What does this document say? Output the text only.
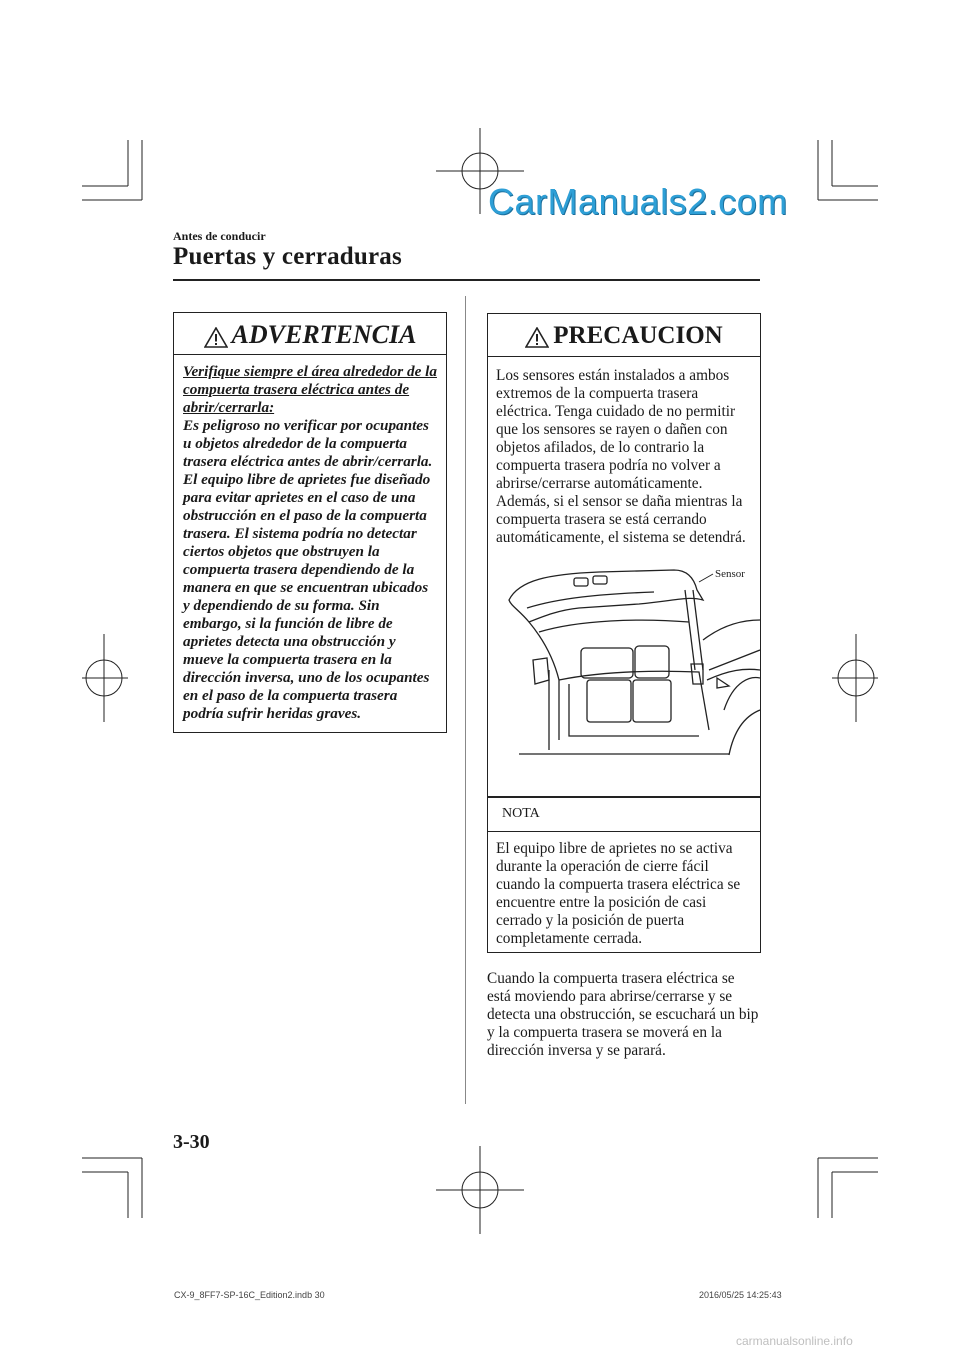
CarManuals2.com
Antes de conducir
Puertas y cerraduras
ADVERTENCIA
Verifique siempre el área alrededor de la compuerta trasera eléctrica antes de abrir/cerrarla:
Es peligroso no verificar por ocupantes u objetos alrededor de la compuerta trasera eléctrica antes de abrir/cerrarla. El equipo libre de aprietes fue diseñado para evitar aprietes en el caso de una obstrucción en el paso de la compuerta trasera. El sistema podría no detectar ciertos objetos que obstruyen la compuerta trasera dependiendo de la manera en que se encuentran ubicados y dependiendo de su forma. Sin embargo, si la función de libre de aprietes detecta una obstrucción y mueve la compuerta trasera en la dirección inversa, uno de los ocupantes en el paso de la compuerta trasera podría sufrir heridas graves.
PRECAUCION
Los sensores están instalados a ambos extremos de la compuerta trasera eléctrica. Tenga cuidado de no permitir que los sensores se rayen o dañen con objetos afilados, de lo contrario la compuerta trasera podría no volver a abrirse/cerrarse automáticamente. Además, si el sensor se daña mientras la compuerta trasera se está cerrando automáticamente, el sistema se detendrá.
Sensor
NOTA
El equipo libre de aprietes no se activa durante la operación de cierre fácil cuando la compuerta trasera eléctrica se encuentre entre la posición de casi cerrado y la posición de puerta completamente cerrada.
Cuando la compuerta trasera eléctrica se está moviendo para abrirse/cerrarse y se detecta una obstrucción, se escuchará un bip y la compuerta trasera se moverá en la dirección inversa y se parará.
3-30
CX-9_8FF7-SP-16C_Edition2.indb 30	2016/05/25 14:25:43
carmanualsonline.info
